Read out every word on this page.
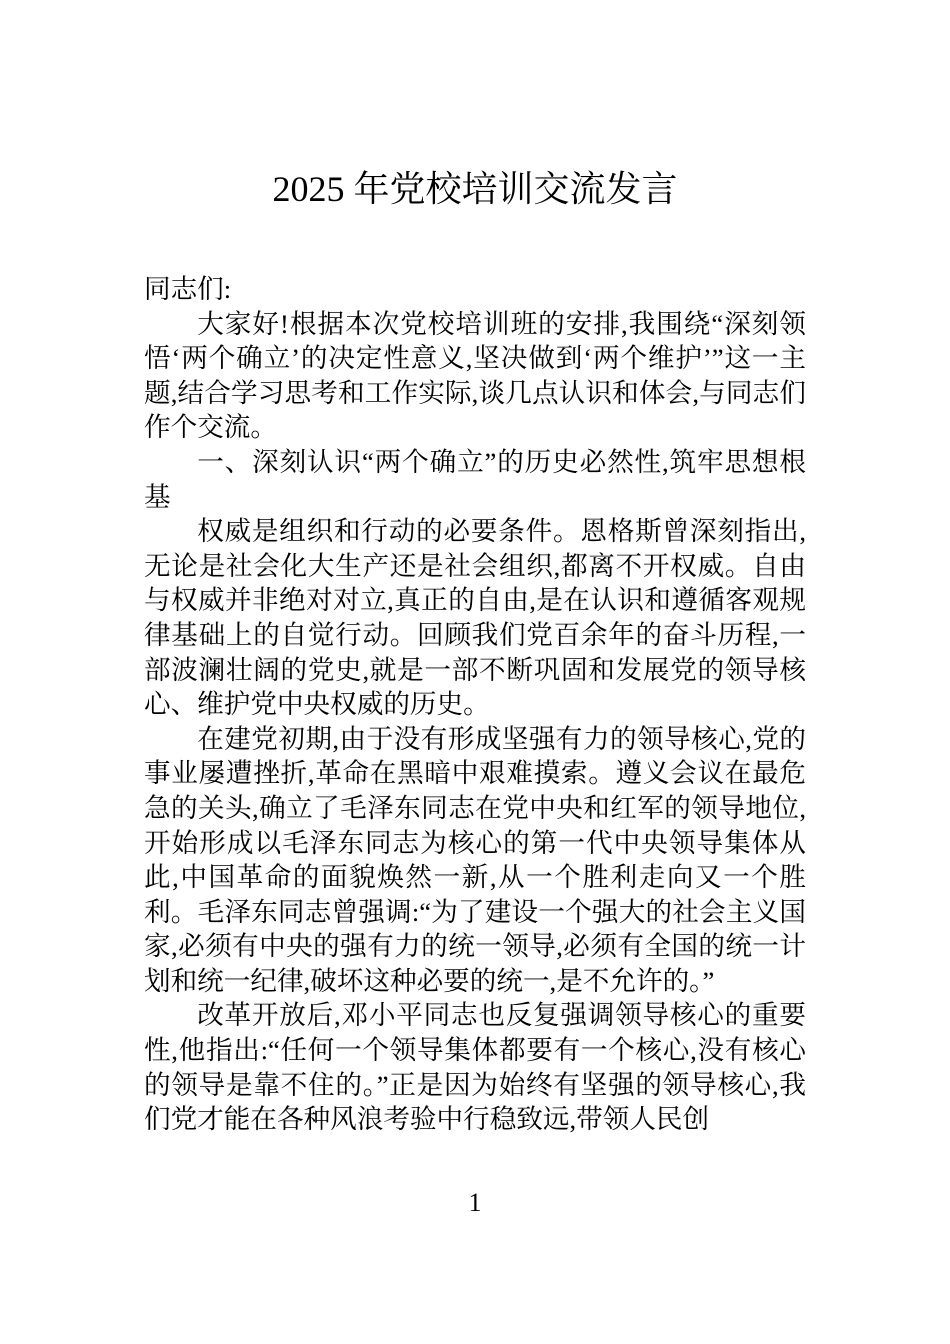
2025 年党校培训交流发言

同志们:

大家好!根据本次党校培训班的安排,我围绕“深刻领悟‘两个确立’的决定性意义,坚决做到‘两个维护’”这一主题,结合学习思考和工作实际,谈几点认识和体会,与同志们作个交流。

一、深刻认识“两个确立”的历史必然性,筑牢思想根基

权威是组织和行动的必要条件。恩格斯曾深刻指出,无论是社会化大生产还是社会组织,都离不开权威。自由与权威并非绝对对立,真正的自由,是在认识和遵循客观规律基础上的自觉行动。回顾我们党百余年的奋斗历程,一部波澜壮阔的党史,就是一部不断巩固和发展党的领导核心、维护党中央权威的历史。

在建党初期,由于没有形成坚强有力的领导核心,党的事业屡遭挫折,革命在黑暗中艰难摸索。遵义会议在最危急的关头,确立了毛泽东同志在党中央和红军的领导地位,开始形成以毛泽东同志为核心的第一代中央领导集体从此,中国革命的面貌焕然一新,从一个胜利走向又一个胜利。毛泽东同志曾强调:“为了建设一个强大的社会主义国家,必须有中央的强有力的统一领导,必须有全国的统一计划和统一纪律,破坏这种必要的统一,是不允许的。”

改革开放后,邓小平同志也反复强调领导核心的重要性,他指出:“任何一个领导集体都要有一个核心,没有核心的领导是靠不住的。”正是因为始终有坚强的领导核心,我们党才能在各种风浪考验中行稳致远,带领人民创

1
